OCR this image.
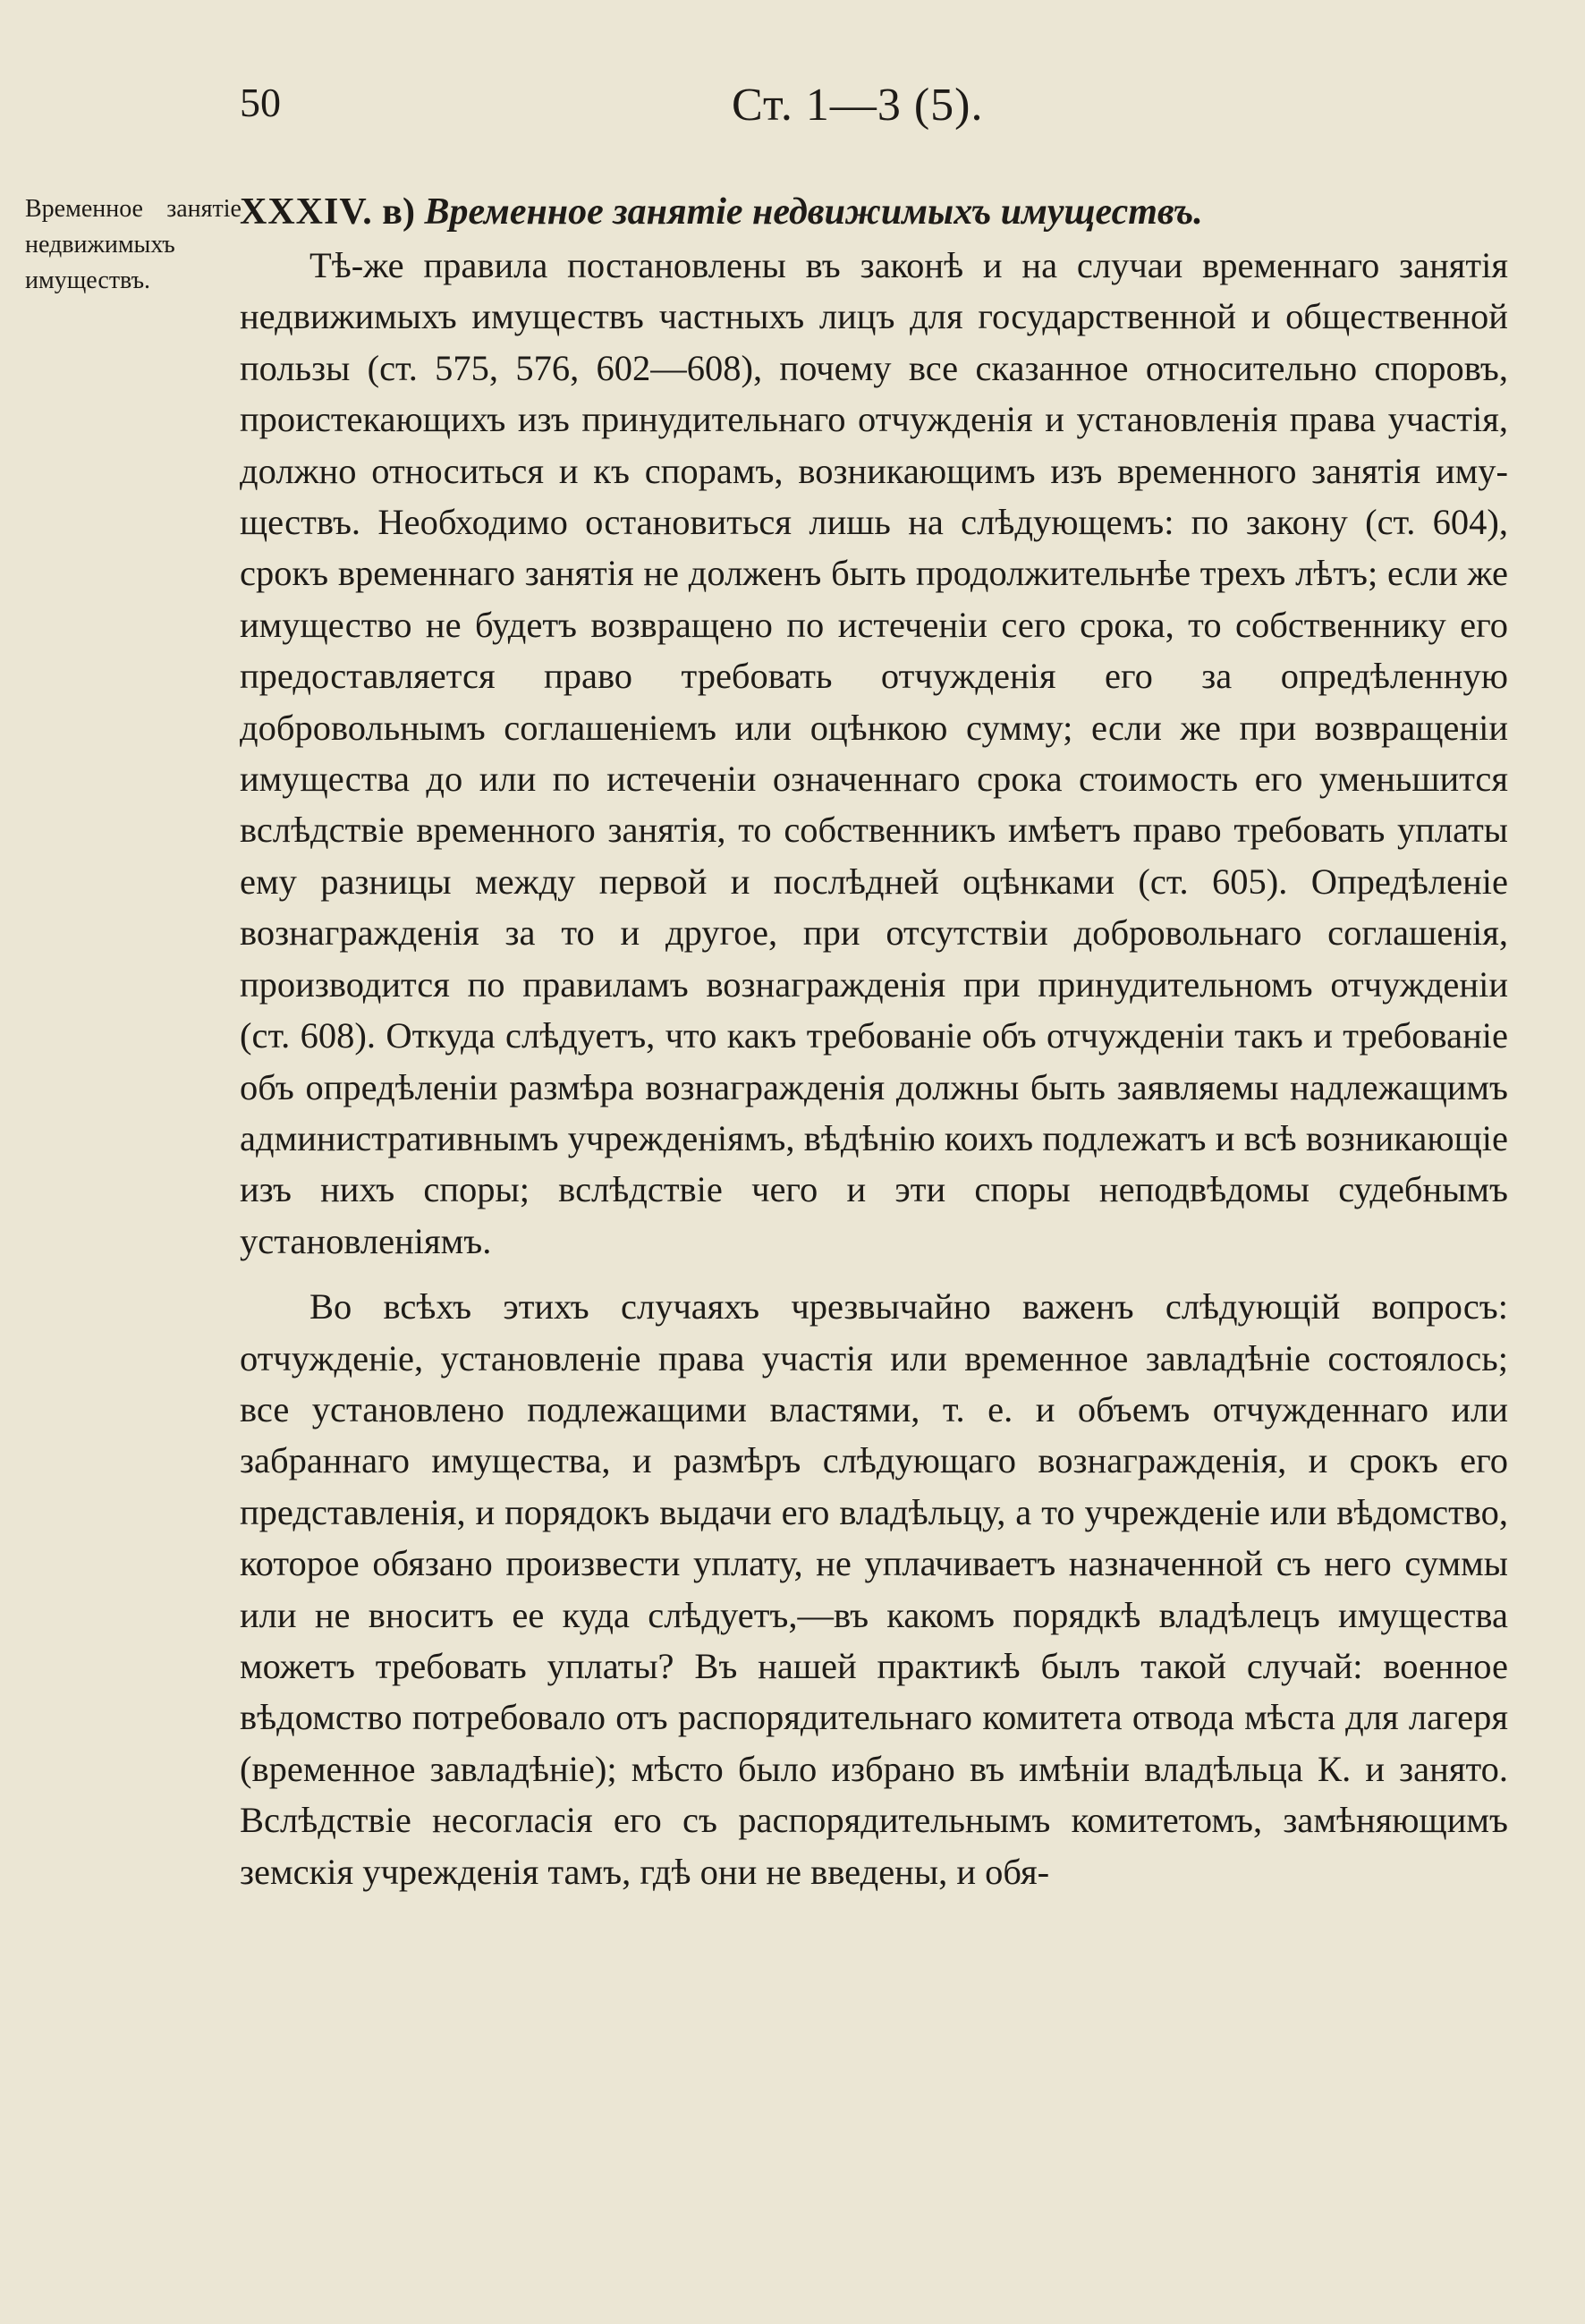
50	Ст. 1—3 (5).
Временное занятіе недвижимыхъ имуществъ.
XXXIV. в) Временное занятіе недвижимыхъ имуществъ.

Тѣ-же правила постановлены въ законѣ и на случаи временнаго занятія недвижимыхъ имуществъ частныхъ лицъ для государственной и общественной пользы (ст. 575, 576, 602—608), почему все сказанное относительно споровъ, проистекающихъ изъ принудительнаго отчужденія и установленія права участія, должно относиться и къ спорамъ, возникающимъ изъ временного занятія имуществъ. Необходимо остановиться лишь на слѣдующемъ: по закону (ст. 604), срокъ временнаго занятія не долженъ быть продолжительнѣе трехъ лѣтъ; если же имущество не будетъ возвращено по истеченіи сего срока, то собственнику его предоставляется право требовать отчужденія его за опредѣленную добровольнымъ соглашеніемъ или оцѣнкою сумму; если же при возвращеніи имущества до или по истеченіи означеннаго срока стоимость его уменьшится вслѣдствіе временного занятія, то собственникъ имѣетъ право требовать уплаты ему разницы между первой и послѣдней оцѣнками (ст. 605). Опредѣленіе вознагражденія за то и другое, при отсутствіи добровольнаго соглашенія, производится по правиламъ вознагражденія при принудительномъ отчужденіи (ст. 608). Откуда слѣдуетъ, что какъ требованіе объ отчужденіи такъ и требованіе объ опредѣленіи размѣра вознагражденія должны быть заявляемы надлежащимъ административнымъ учрежденіямъ, вѣдѣнію коихъ подлежатъ и всѣ возникающіе изъ нихъ споры; вслѣдствіе чего и эти споры неподвѣдомы судебнымъ установленіямъ.

Во всѣхъ этихъ случаяхъ чрезвычайно важенъ слѣдующій вопросъ: отчужденіе, установленіе права участія или временное завладѣніе состоялось; все установлено подлежащими властями, т. е. и объемъ отчужденнаго или забраннаго имущества, и размѣръ слѣдующаго вознагражденія, и срокъ его представленія, и порядокъ выдачи его владѣльцу, а то учрежденіе или вѣдомство, которое обязано произвести уплату, не уплачиваетъ назначенной съ него суммы или не вноситъ ее куда слѣдуетъ,—въ какомъ порядкѣ владѣлецъ имущества можетъ требовать уплаты? Въ нашей практикѣ былъ такой случай: военное вѣдомство потребовало отъ распорядительнаго комитета отвода мѣста для лагеря (временное завладѣніе); мѣсто было избрано въ имѣніи владѣльца К. и занято. Вслѣдствіе несогласія его съ распорядительнымъ комитетомъ, замѣняющимъ земскія учрежденія тамъ, гдѣ они не введены, и обя-
